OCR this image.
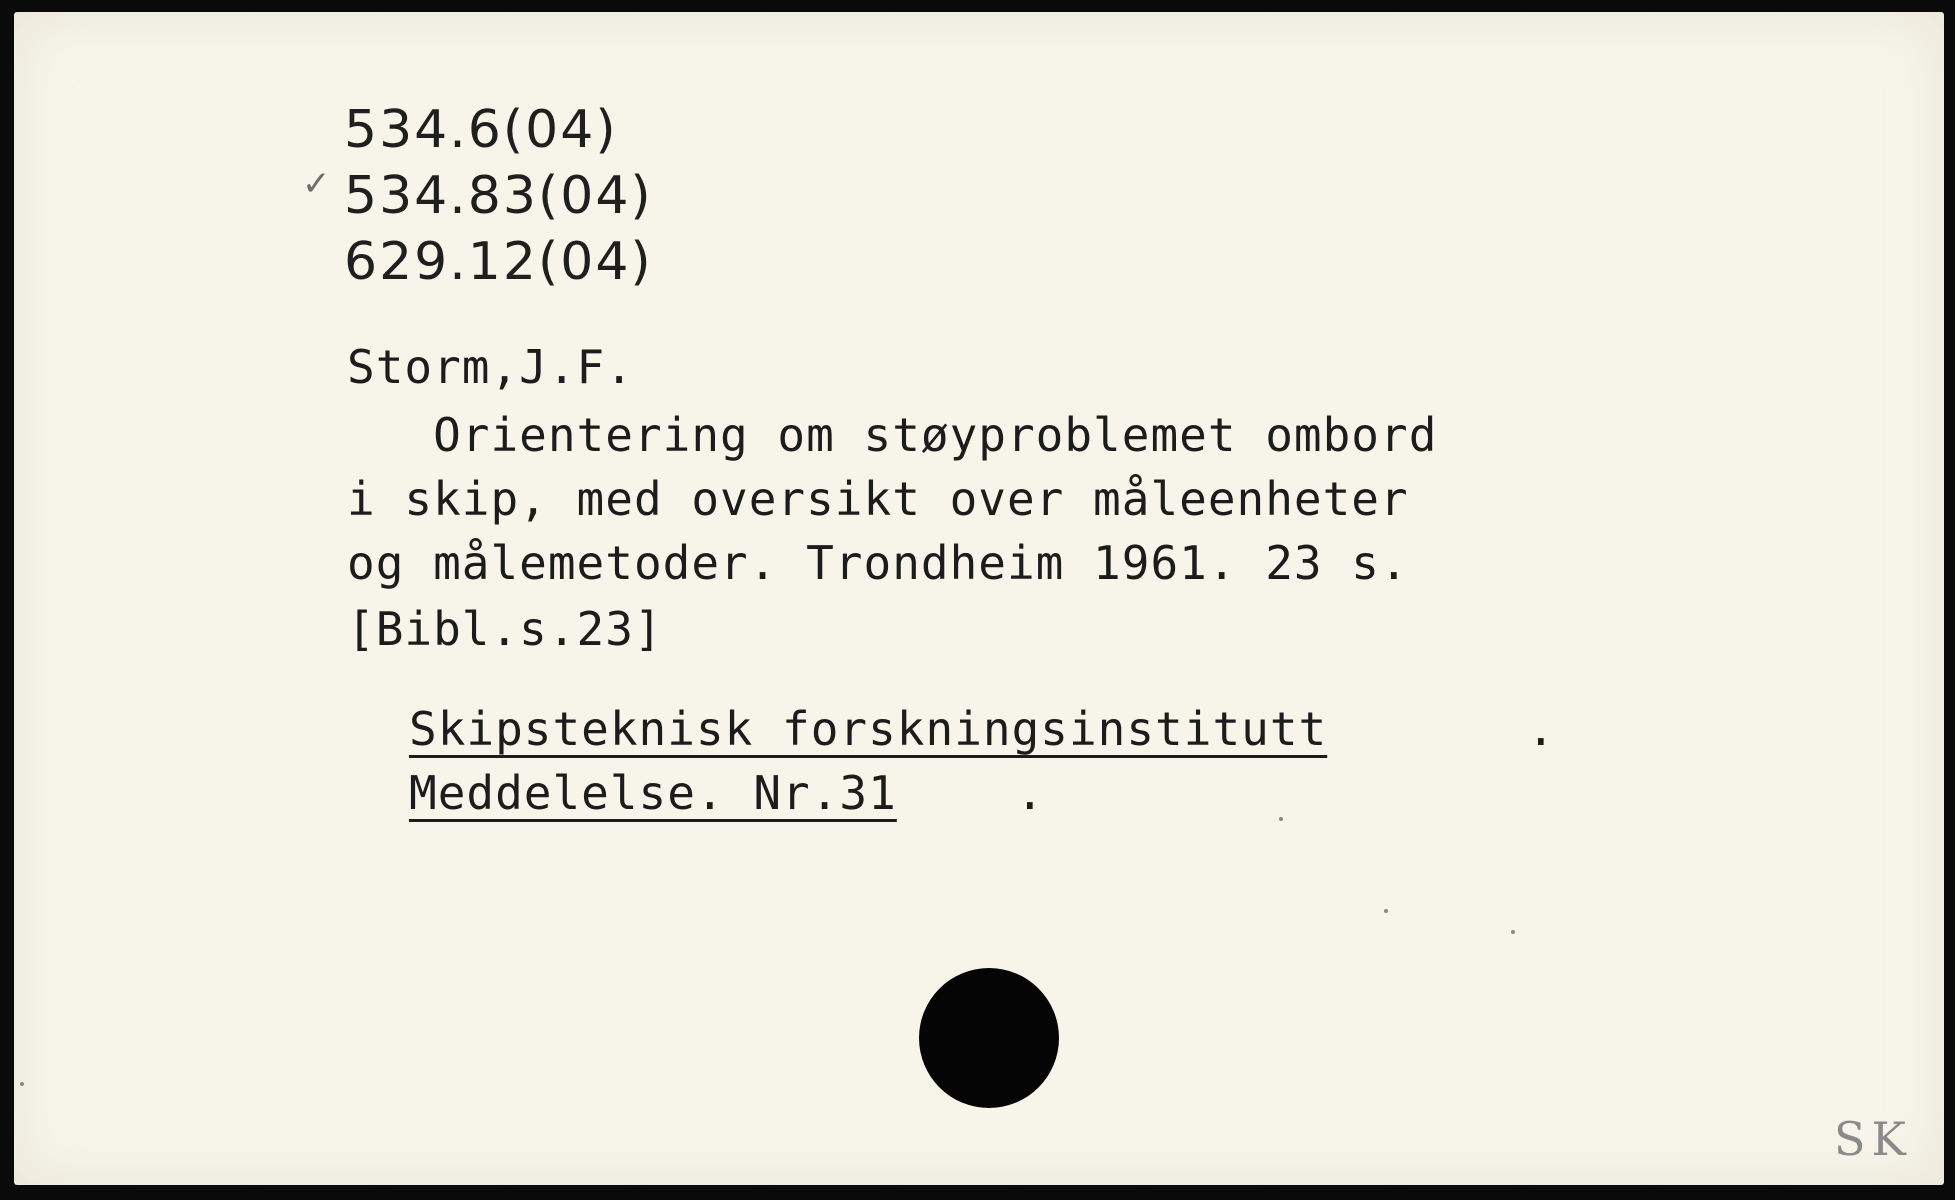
✓
534.6(04)
534.83(04)
629.12(04)
Storm,J.F.
Orientering om støyproblemet ombord
i skip, med oversikt over måleenheter
og målemetoder. Trondheim 1961. 23 s.
[Bibl.s.23]
Skipsteknisk forskningsinstitutt	.
Meddelelse. Nr.31	.
SK
